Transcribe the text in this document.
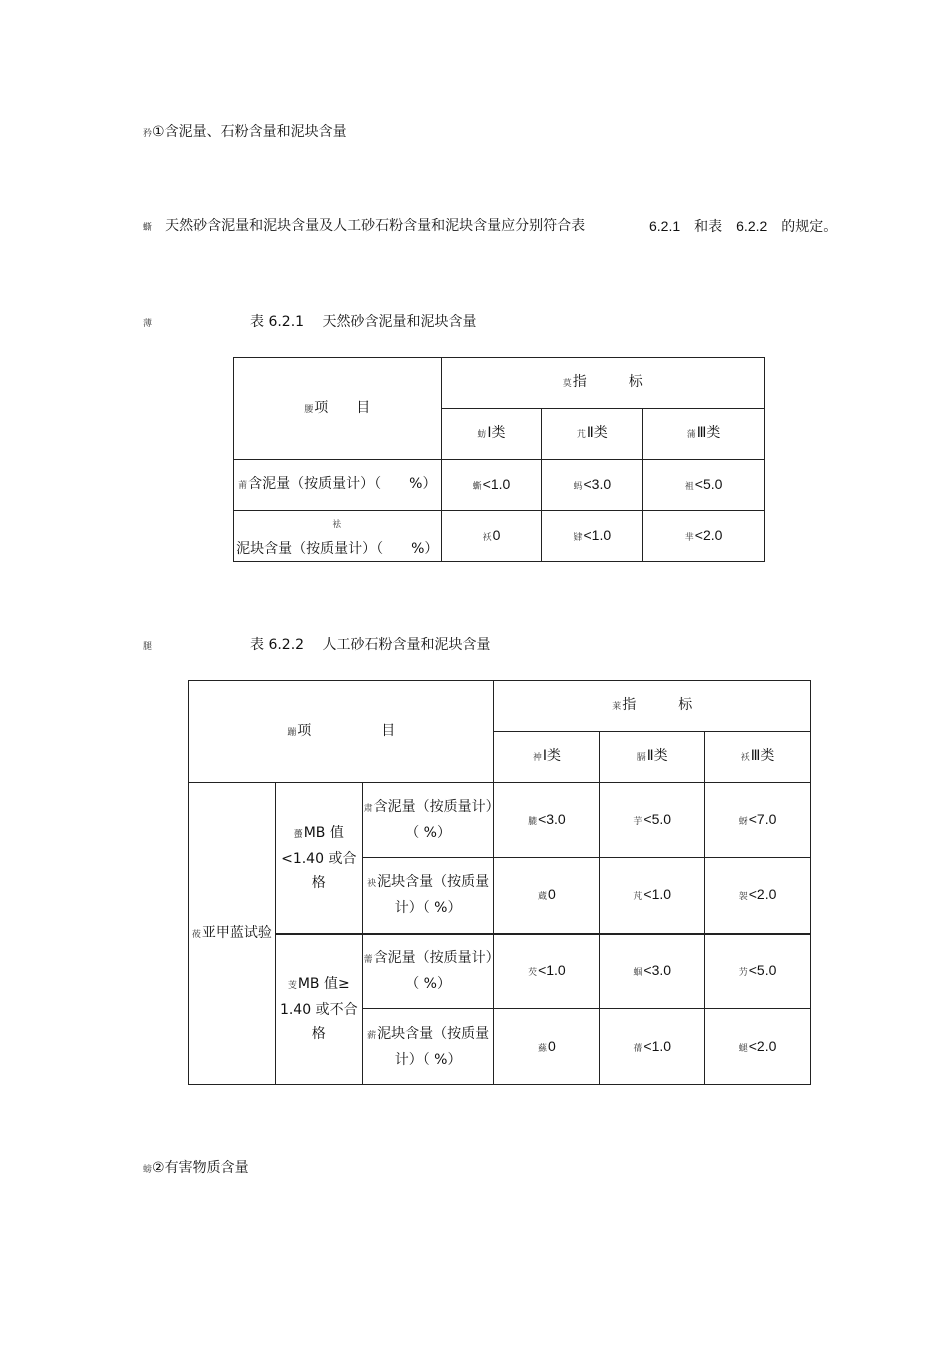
矜①含泥量、石粉含量和泥块含量
蟖 天然砂含泥量和泥块含量及人工砂石粉含量和泥块含量应分别符合表	6.2.1　和表　6.2.2　的规定。
薄	表 6.2.1　 天然砂含泥量和泥块含量
腰项　　目	莫指　　　标		
	蚄Ⅰ类	芁Ⅱ类	蒲Ⅲ类
莆含泥量（按质量计）（　　%）	蟖<1.0	蚂<3.0	袓<5.0
袪泥块含量（按质量计）（　　%）	袄0	肄<1.0	芈<2.0
腿	表 6.2.2　 人工砂石粉含量和泥块含量
蹦项　　　　　目			莱指　　　标		
			衶Ⅰ类	膈Ⅱ类	袄Ⅲ类
莜亚甲蓝试验	蠆MB 值 <1.40 或合格	肃含泥量（按质量计）（ %）	膔<3.0	芋<5.0	蚜<7.0
		袂泥块含量（按质量计）（ %）	蔵0	芃<1.0	袈<2.0
	芰MB 值≥ 1.40 或不合格	薷含泥量（按质量计）（ %）	芡<1.0	蝈<3.0	芀<5.0
		薪泥块含量（按质量计）（ %）	蕬0	蒨<1.0	螁<2.0
螃②有害物质含量
